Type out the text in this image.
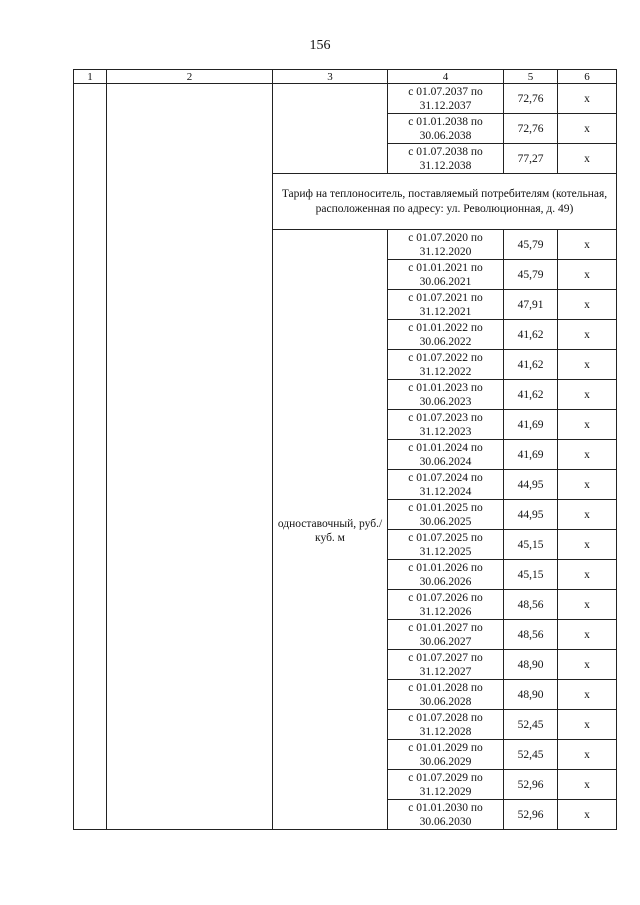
156
1	2	3	4	5	6

			с 01.07.2037 по 31.12.2037	72,76	х

			с 01.01.2038 по 30.06.2038	72,76	х

			с 01.07.2038 по 31.12.2038	77,27	х
		Тариф на теплоноситель, поставляемый потребителям (котельная, расположенная по адресу: ул. Революционная, д. 49)			

		одноставочный, руб./куб. м	с 01.07.2020 по 31.12.2020	45,79	х

			с 01.01.2021 по 30.06.2021	45,79	х

			с 01.07.2021 по 31.12.2021	47,91	х

			с 01.01.2022 по 30.06.2022	41,62	х

			с 01.07.2022 по 31.12.2022	41,62	х

			с 01.01.2023 по 30.06.2023	41,62	х

			с 01.07.2023 по 31.12.2023	41,69	х

			с 01.01.2024 по 30.06.2024	41,69	х

			с 01.07.2024 по 31.12.2024	44,95	х

			с 01.01.2025 по 30.06.2025	44,95	х

			с 01.07.2025 по 31.12.2025	45,15	х

			с 01.01.2026 по 30.06.2026	45,15	х

			с 01.07.2026 по 31.12.2026	48,56	х

			с 01.01.2027 по 30.06.2027	48,56	х

			с 01.07.2027 по 31.12.2027	48,90	х

			с 01.01.2028 по 30.06.2028	48,90	х

			с 01.07.2028 по 31.12.2028	52,45	х

			с 01.01.2029 по 30.06.2029	52,45	х

			с 01.07.2029 по 31.12.2029	52,96	х

			с 01.01.2030 по 30.06.2030	52,96	х
